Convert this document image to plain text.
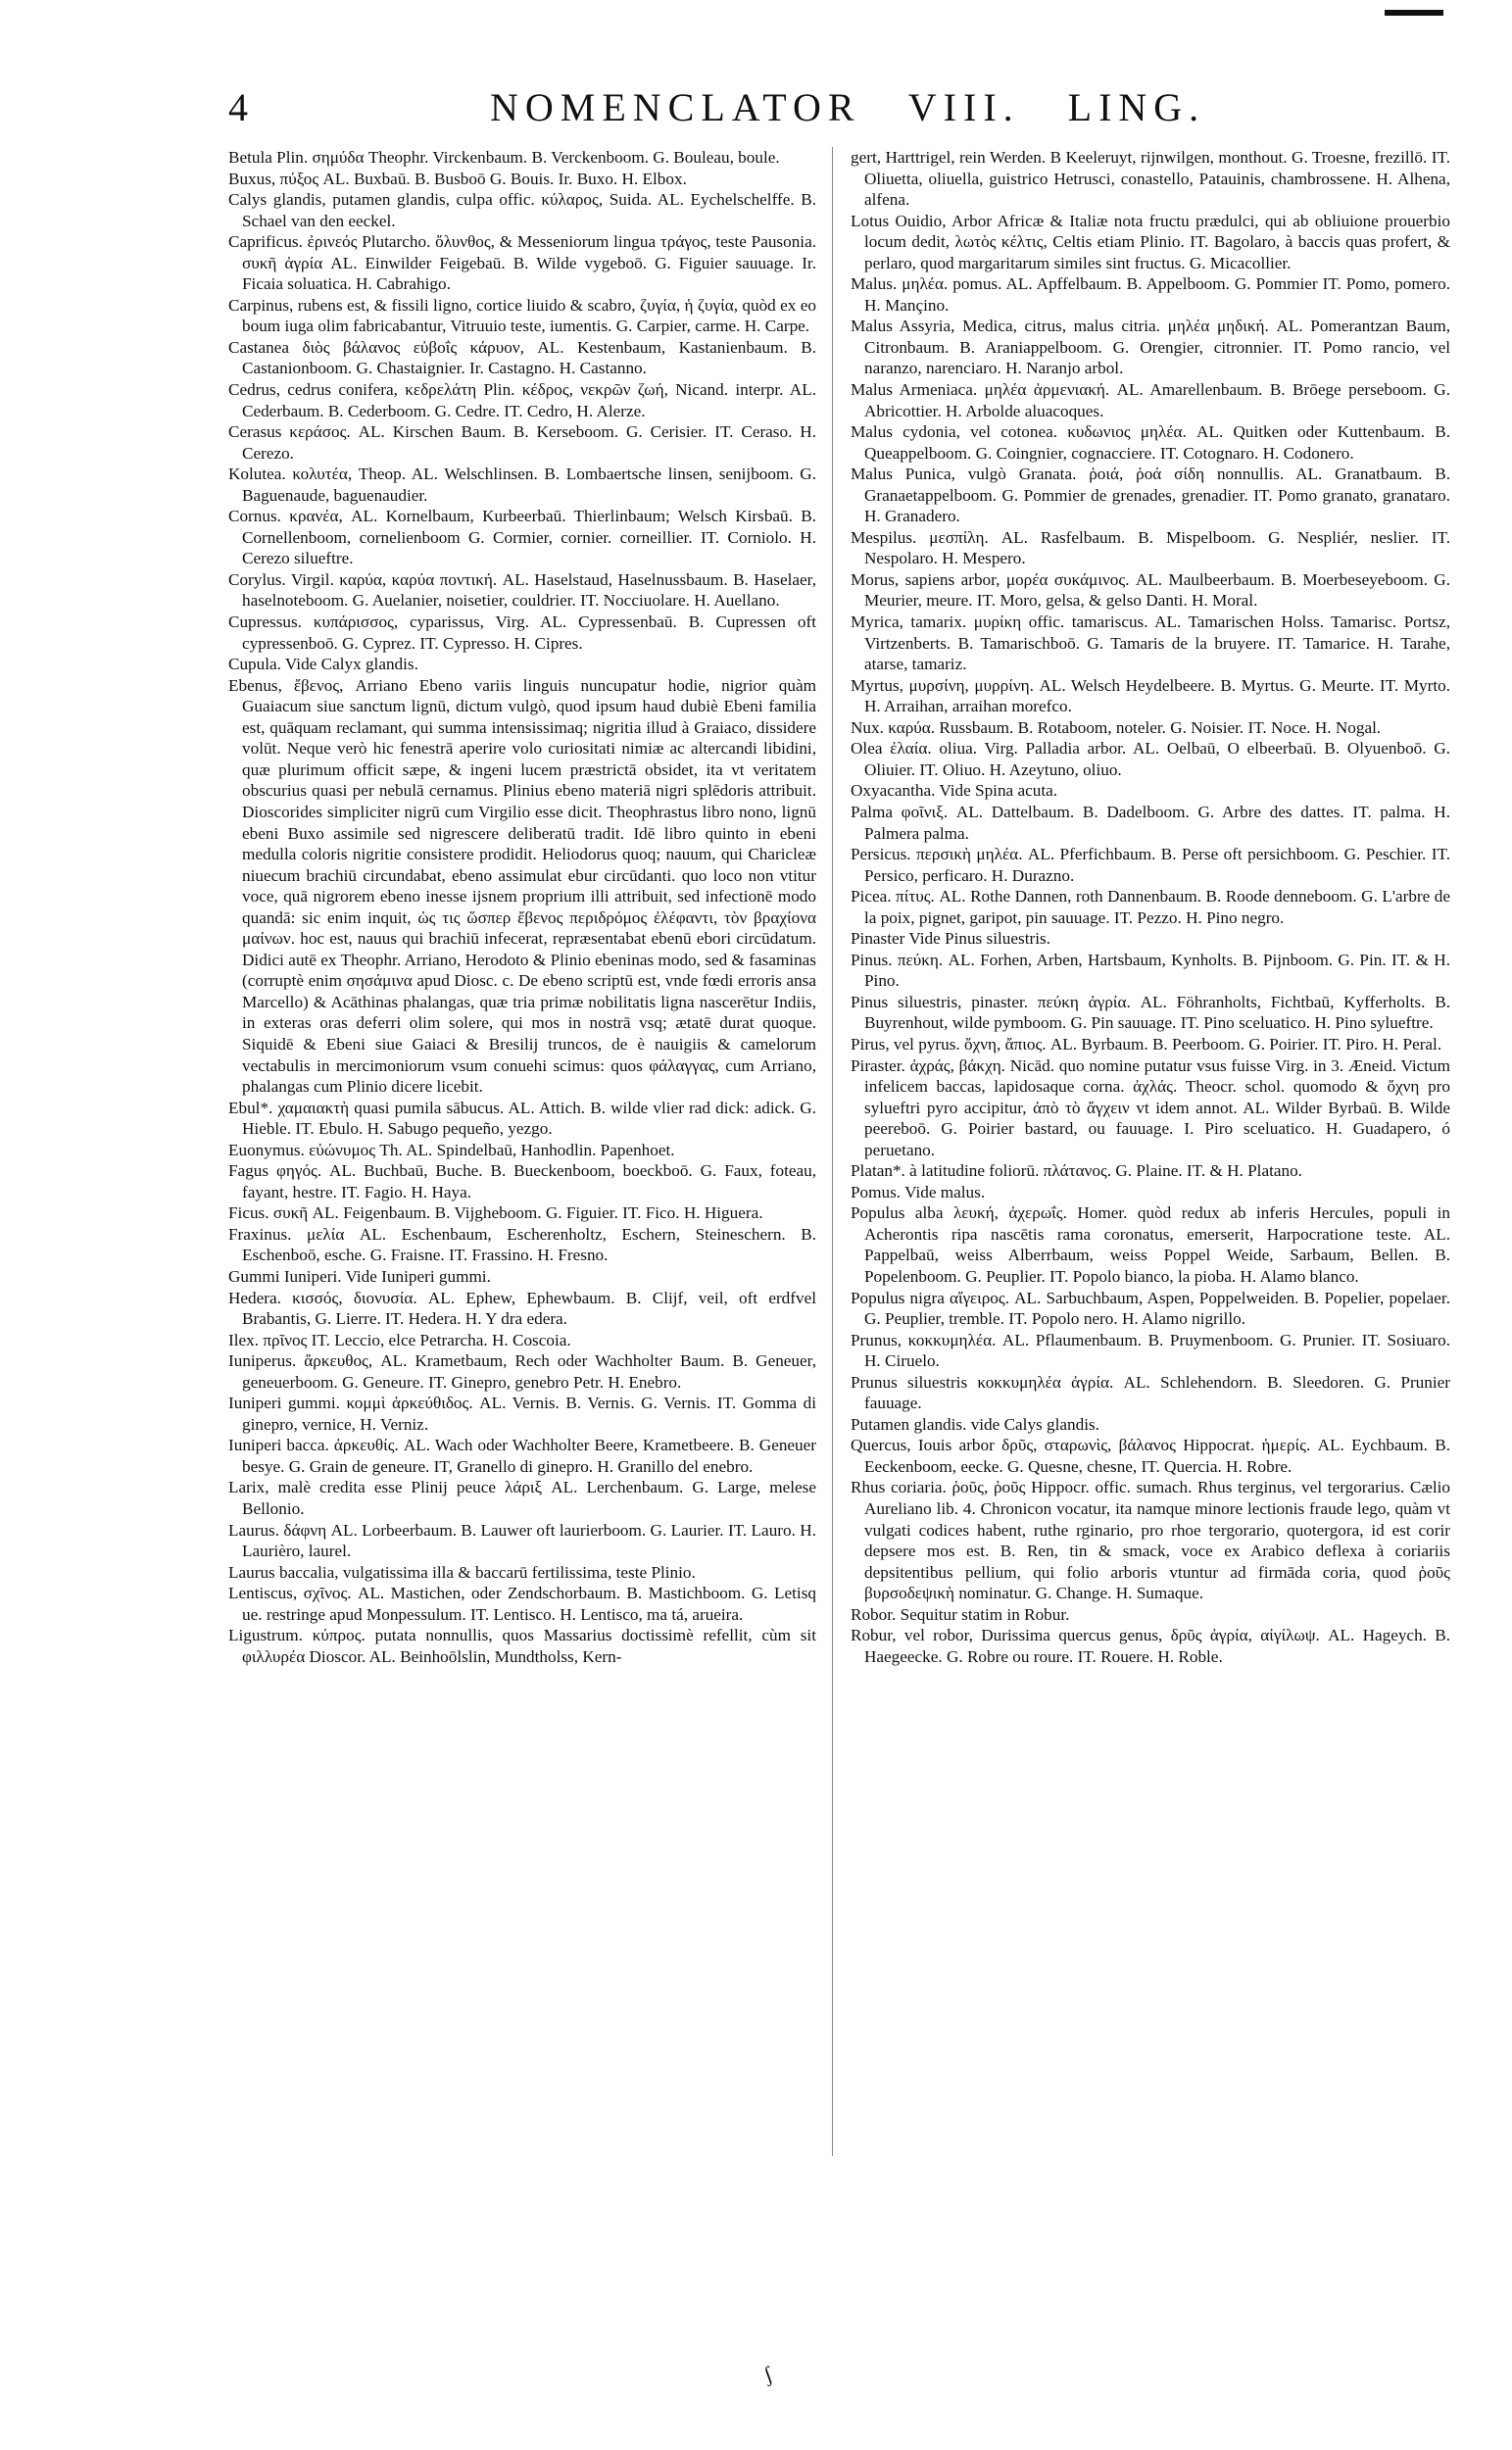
4	NOMENCLATOR VIII. LING.

Betula Plin. σημύδα Theophr. Virckenbaum. B. Verckenboom. G. Bouleau, boule.

Buxus, πύξος AL. Buxbaū. B. Busboō G. Bouis. Ir. Buxo. H. Elbox.

Calys glandis, putamen glandis, culpa offic. κύλαρος, Suida. AL. Eychelschelffe. B. Schael van den eeckel.

Caprificus. ἐρινεός Plutarcho. ὄλυνθος, & Messeniorum lingua τράγος, teste Pausonia. συκῆ ἀγρία AL. Einwilder Feigebaū. B. Wilde vygeboō. G. Figuier sauuage. Ir. Ficaia soluatica. H. Cabrahigo.

Carpinus, rubens est, & fissili ligno, cortice liuido & scabro, ζυγία, ἡ ζυγία, quòd ex eo boum iuga olim fabricabantur, Vitruuio teste, iumentis. G. Carpier, carme. H. Carpe.

Castanea διὸς βάλανος εὐβοΐς κάρυον, AL. Kestenbaum, Kastanienbaum. B. Castanionboom. G. Chastaignier. Ir. Castagno. H. Castanno.

Cedrus, cedrus conifera, κεδρελάτη Plin. κέδρος, νεκρῶν ζωή, Nicand. interpr. AL. Cederbaum. B. Cederboom. G. Cedre. IT. Cedro, H. Alerze.

Cerasus κεράσος. AL. Kirschen Baum. B. Kerseboom. G. Cerisier. IT. Ceraso. H. Cerezo.

Kolutea. κολυτέα, Theop. AL. Welschlinsen. B. Lombaertsche linsen, senijboom. G. Baguenaude, baguenaudier.

Cornus. κρανέα, AL. Kornelbaum, Kurbeerbaū. Thierlinbaum; Welsch Kirsbaū. B. Cornellenboom, cornelienboom G. Cormier, cornier. corneillier. IT. Corniolo. H. Cerezo silueftre.

Corylus. Virgil. καρύα, καρύα ποντική. AL. Haselstaud, Haselnussbaum. B. Haselaer, haselnoteboom. G. Auelanier, noisetier, couldrier. IT. Nocciuolare. H. Auellano.

Cupressus. κυπάρισσος, cyparissus, Virg. AL. Cypressenbaū. B. Cupressen oft cypressenboō. G. Cyprez. IT. Cypresso. H. Cipres.

Cupula. Vide Calyx glandis.

Ebenus, ἔβενος, Arriano Ebeno variis linguis nuncupatur hodie, nigrior quàm Guaiacum siue sanctum lignū, dictum vulgò, quod ipsum haud dubiè Ebeni familia est, quāquam reclamant, qui summa intensissimaq; nigritia illud à Graiaco, dissidere volūt. Neque verò hic fenestrā aperire volo curiositati nimiæ ac altercandi libidini, quæ plurimum officit sæpe, & ingeni lucem præstrictā obsidet, ita vt veritatem obscurius quasi per nebulā cernamus. Plinius ebeno materiā nigri splēdoris attribuit. Dioscorides simpliciter nigrū cum Virgilio esse dicit. Theophrastus libro nono, lignū ebeni Buxo assimile sed nigrescere deliberatū tradit. Idē libro quinto in ebeni medulla coloris nigritie consistere prodidit. Heliodorus quoq; nauum, qui Charicleæ niuecum brachiū circundabat, ebeno assimulat ebur circūdanti. quo loco non vtitur voce, quā nigrorem ebeno inesse ijsnem proprium illi attribuit, sed infectionē modo quandā: sic enim inquit, ὡς τις ὥσπερ ἔβενος περιδρόμος ἐλέφαντι, τὸν βραχίονα μαίνων. hoc est, nauus qui brachiū infecerat, repræsentabat ebenū ebori circūdatum. Didici autē ex Theophr. Arriano, Herodoto & Plinio ebeninas modo, sed & fasaminas (corruptè enim σησάμινα apud Diosc. c. De ebeno scriptū est, vnde fœdi erroris ansa Marcello) & Acāthinas phalangas, quæ tria primæ nobilitatis ligna nascerētur Indiis, in exteras oras deferri olim solere, qui mos in nostrā vsq; ætatē durat quoque. Siquidē & Ebeni siue Gaiaci & Bresilij truncos, de è nauigiis & camelorum vectabulis in mercimoniorum vsum conuehi scimus: quos φάλαγγας, cum Arriano, phalangas cum Plinio dicere licebit.

Ebul*. χαμαιακτὴ quasi pumila sābucus. AL. Attich. B. wilde vlier rad dick: adick. G. Hieble. IT. Ebulo. H. Sabugo pequeño, yezgo.

Euonymus. εὐώνυμος Th. AL. Spindelbaū, Hanhodlin. Papenhoet.

Fagus φηγός. AL. Buchbaū, Buche. B. Bueckenboom, boeckboō. G. Faux, foteau, fayant, hestre. IT. Fagio. H. Haya.

Ficus. συκῆ AL. Feigenbaum. B. Vijgheboom. G. Figuier. IT. Fico. H. Higuera.

Fraxinus. μελία AL. Eschenbaum, Escherenholtz, Eschern, Steineschern. B. Eschenboō, esche. G. Fraisne. IT. Frassino. H. Fresno.

Gummi Iuniperi. Vide Iuniperi gummi.

Hedera. κισσός, διονυσία. AL. Ephew, Ephewbaum. B. Clijf, veil, oft erdfvel Brabantis, G. Lierre. IT. Hedera. H. Y dra edera.

Ilex. πρῖνος IT. Leccio, elce Petrarcha. H. Coscoia.

Iuniperus. ἄρκευθος, AL. Krametbaum, Rech oder Wachholter Baum. B. Geneuer, geneuerboom. G. Geneure. IT. Ginepro, genebro Petr. H. Enebro.

Iuniperi gummi. κομμὶ ἀρκεύθιδος. AL. Vernis. B. Vernis. G. Vernis. IT. Gomma di ginepro, vernice, H. Verniz.

Iuniperi bacca. ἀρκευθίς. AL. Wach oder Wachholter Beere, Krametbeere. B. Geneuer besye. G. Grain de geneure. IT, Granello di ginepro. H. Granillo del enebro.

Larix, malè credita esse Plinij peuce λάριξ AL. Lerchenbaum. G. Large, melese Bellonio.

Laurus. δάφνη AL. Lorbeerbaum. B. Lauwer oft laurierboom. G. Laurier. IT. Lauro. H. Laurièro, laurel.

Laurus baccalia, vulgatissima illa & baccarū fertilissima, teste Plinio.

Lentiscus, σχῖνος. AL. Mastichen, oder Zendschorbaum. B. Mastichboom. G. Letisq ue. restringe apud Monpessulum. IT. Lentisco. H. Lentisco, ma tá, arueira.

Ligustrum. κύπρος. putata nonnullis, quos Massarius doctissimè refellit, cùm sit φιλλυρέα Dioscor. AL. Beinhoōlslin, Mundtholss, Kern-

gert, Harttrigel, rein Werden. B Keeleruyt, rijnwilgen, monthout. G. Troesne, frezillō. IT. Oliuetta, oliuella, guistrico Hetrusci, conastello, Patauinis, chambrossene. H. Alhena, alfena.

Lotus Ouidio, Arbor Africæ & Italiæ nota fructu prædulci, qui ab obliuione prouerbio locum dedit, λωτὸς κέλτις, Celtis etiam Plinio. IT. Bagolaro, à baccis quas profert, & perlaro, quod margaritarum similes sint fructus. G. Micacollier.

Malus. μηλέα. pomus. AL. Apffelbaum. B. Appelboom. G. Pommier IT. Pomo, pomero. H. Mançino.

Malus Assyria, Medica, citrus, malus citria. μηλέα μηδική. AL. Pomerantzan Baum, Citronbaum. B. Araniappelboom. G. Orengier, citronnier. IT. Pomo rancio, vel naranzo, narenciaro. H. Naranjo arbol.

Malus Armeniaca. μηλέα ἀρμενιακή. AL. Amarellenbaum. B. Brōege perseboom. G. Abricottier. H. Arbolde aluacoques.

Malus cydonia, vel cotonea. κυδωνιος μηλέα. AL. Quitken oder Kuttenbaum. B. Queappelboom. G. Coingnier, cognacciere. IT. Cotognaro. H. Codonero.

Malus Punica, vulgò Granata. ῥοιά, ῥοά σίδη nonnullis. AL. Granatbaum. B. Granaetappelboom. G. Pommier de grenades, grenadier. IT. Pomo granato, granataro. H. Granadero.

Mespilus. μεσπίλη. AL. Rasfelbaum. B. Mispelboom. G. Nespliér, neslier. IT. Nespolaro. H. Mespero.

Morus, sapiens arbor, μορέα συκάμινος. AL. Maulbeerbaum. B. Moerbeseyeboom. G. Meurier, meure. IT. Moro, gelsa, & gelso Danti. H. Moral.

Myrica, tamarix. μυρίκη offic. tamariscus. AL. Tamarischen Holss. Tamarisc. Portsz, Virtzenberts. B. Tamarischboō. G. Tamaris de la bruyere. IT. Tamarice. H. Tarahe, atarse, tamariz.

Myrtus, μυρσίνη, μυρρίνη. AL. Welsch Heydelbeere. B. Myrtus. G. Meurte. IT. Myrto. H. Arraihan, arraihan morefco.

Nux. καρύα. Russbaum. B. Rotaboom, noteler. G. Noisier. IT. Noce. H. Nogal.

Olea ἐλαία. oliua. Virg. Palladia arbor. AL. Oelbaū, O elbeerbaū. B. Olyuenboō. G. Oliuier. IT. Oliuo. H. Azeytuno, oliuo.

Oxyacantha. Vide Spina acuta.

Palma φοῖνιξ. AL. Dattelbaum. B. Dadelboom. G. Arbre des dattes. IT. palma. H. Palmera palma.

Persicus. περσικὴ μηλέα. AL. Pferfichbaum. B. Perse oft persichboom. G. Peschier. IT. Persico, perficaro. H. Durazno.

Picea. πίτυς. AL. Rothe Dannen, roth Dannenbaum. B. Roode denneboom. G. L'arbre de la poix, pignet, garipot, pin sauuage. IT. Pezzo. H. Pino negro.

Pinaster Vide Pinus siluestris.

Pinus. πεύκη. AL. Forhen, Arben, Hartsbaum, Kynholts. B. Pijnboom. G. Pin. IT. & H. Pino.

Pinus siluestris, pinaster. πεύκη ἀγρία. AL. Föhranholts, Fichtbaū, Kyfferholts. B. Buyrenhout, wilde pymboom. G. Pin sauuage. IT. Pino sceluatico. H. Pino sylueftre.

Pirus, vel pyrus. ὄχνη, ἄπιος. AL. Byrbaum. B. Peerboom. G. Poirier. IT. Piro. H. Peral.

Piraster. ἀχράς, βάκχη. Nicād. quo nomine putatur vsus fuisse Virg. in 3. Æneid. Victum infelicem baccas, lapidosaque corna. ἀχλάς. Theocr. schol. quomodo & ὄχνη pro sylueftri pyro accipitur, ἀπὸ τὸ ἄγχειν vt idem annot. AL. Wilder Byrbaū. B. Wilde peereboō. G. Poirier bastard, ou fauuage. I. Piro sceluatico. H. Guadapero, ó peruetano.

Platan*. à latitudine foliorū. πλάτανος. G. Plaine. IT. & H. Platano.

Pomus. Vide malus.

Populus alba λευκή, ἀχερωΐς. Homer. quòd redux ab inferis Hercules, populi in Acherontis ripa nascētis rama coronatus, emerserit, Harpocratione teste. AL. Pappelbaū, weiss Alberrbaum, weiss Poppel Weide, Sarbaum, Bellen. B. Popelenboom. G. Peuplier. IT. Popolo bianco, la pioba. H. Alamo blanco.

Populus nigra αἴγειρος. AL. Sarbuchbaum, Aspen, Poppelweiden. B. Popelier, popelaer. G. Peuplier, tremble. IT. Popolo nero. H. Alamo nigrillo.

Prunus, κοκκυμηλέα. AL. Pflaumenbaum. B. Pruymenboom. G. Prunier. IT. Sosiuaro. H. Ciruelo.

Prunus siluestris κοκκυμηλέα ἀγρία. AL. Schlehendorn. B. Sleedoren. G. Prunier fauuage.

Putamen glandis. vide Calys glandis.

Quercus, Iouis arbor δρῦς, σταρωνὶς, βάλανος Hippocrat. ἡμερίς. AL. Eychbaum. B. Eeckenboom, eecke. G. Quesne, chesne, IT. Quercia. H. Robre.

Rhus coriaria. ῥοῦς, ῥοῦς Hippocr. offic. sumach. Rhus terginus, vel tergorarius. Cælio Aureliano lib. 4. Chronicon vocatur, ita namque minore lectionis fraude lego, quàm vt vulgati codices habent, ruthe rginario, pro rhoe tergorario, quotergora, id est corir depsere mos est. B. Ren, tin & smack, voce ex Arabico deflexa à coriariis depsitentibus pellium, qui folio arboris vtuntur ad firmāda coria, quod ῥοῦς βυρσοδεψικὴ nominatur. G. Change. H. Sumaque.

Robor. Sequitur statim in Robur.

Robur, vel robor, Durissima quercus genus, δρῦς ἀγρία, αἰγίλωψ. AL. Hageych. B. Haegeecke. G. Robre ou roure. IT. Rouere. H. Roble.

ʃ
